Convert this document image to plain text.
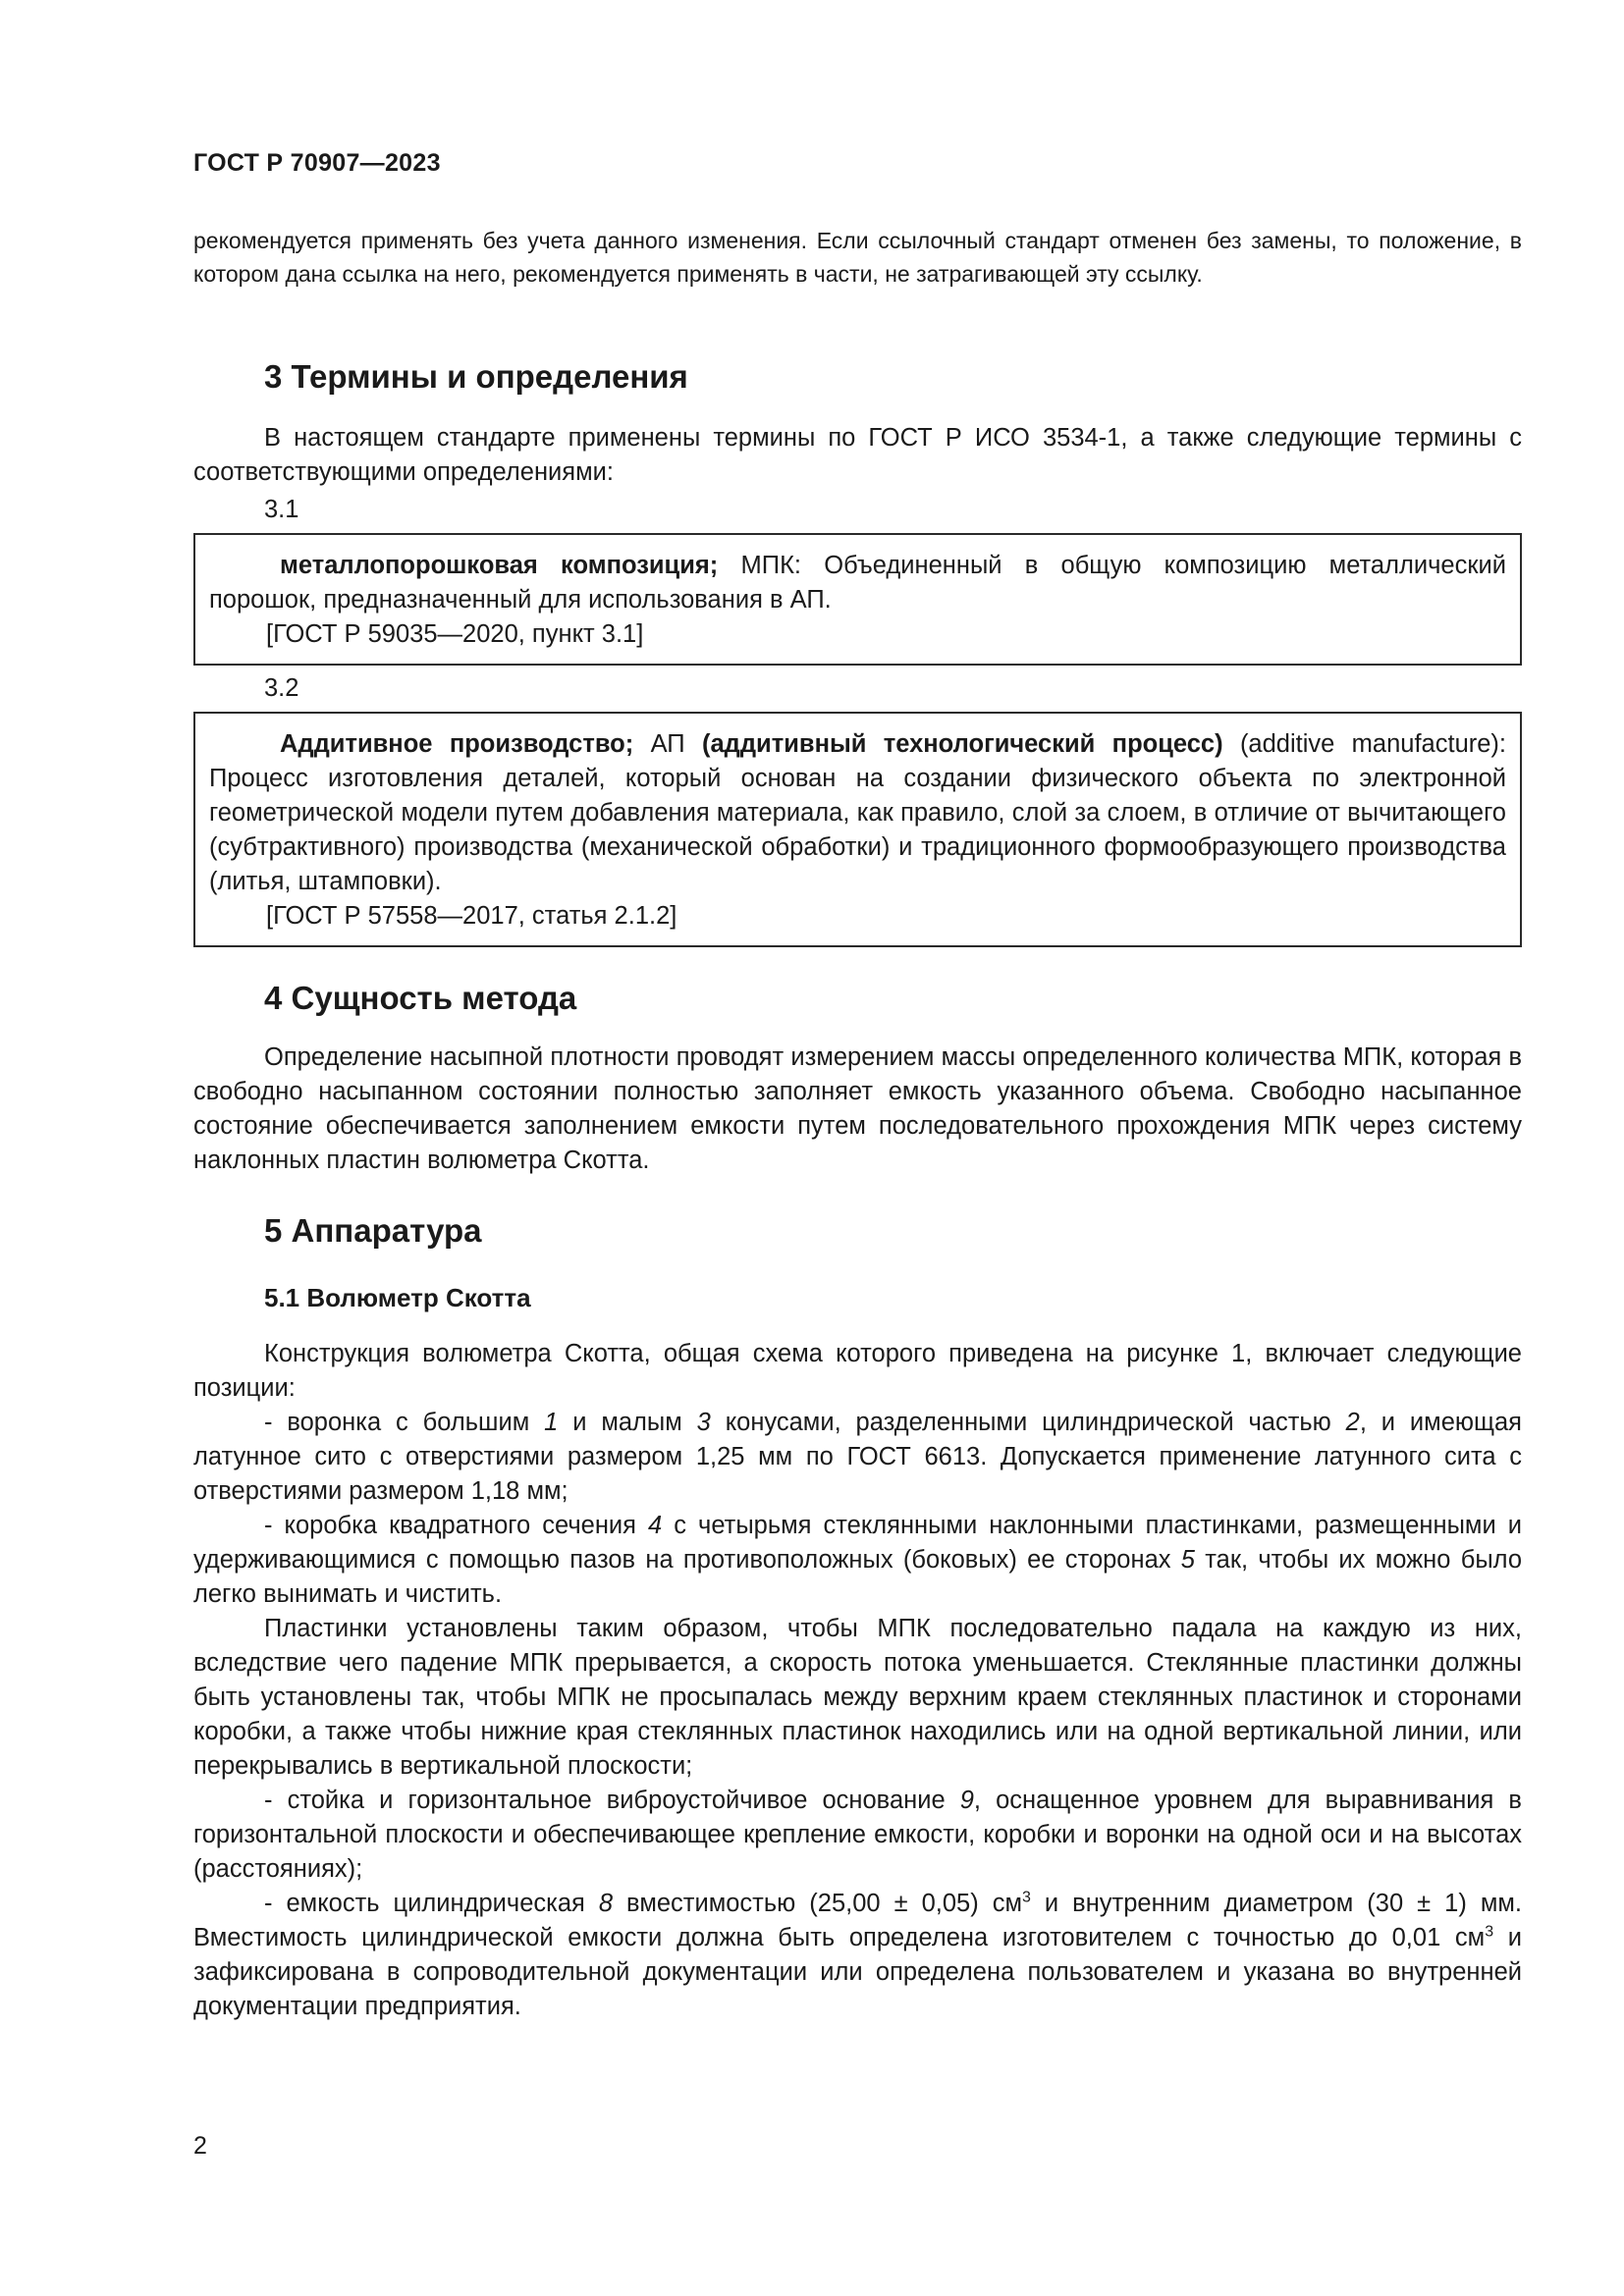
ГОСТ Р 70907—2023

рекомендуется применять без учета данного изменения. Если ссылочный стандарт отменен без замены, то положение, в котором дана ссылка на него, рекомендуется применять в части, не затрагивающей эту ссылку.

3 Термины и определения

В настоящем стандарте применены термины по ГОСТ Р ИСО 3534-1, а также следующие термины с соответствующими определениями:

3.1

металлопорошковая композиция; МПК: Объединенный в общую композицию металлический порошок, предназначенный для использования в АП.

[ГОСТ Р 59035—2020, пункт 3.1]

3.2

Аддитивное производство; АП (аддитивный технологический процесс) (additive manufacture): Процесс изготовления деталей, который основан на создании физического объекта по электронной геометрической модели путем добавления материала, как правило, слой за слоем, в отличие от вычитающего (субтрактивного) производства (механической обработки) и традиционного формообразующего производства (литья, штамповки).

[ГОСТ Р 57558—2017, статья 2.1.2]

4 Сущность метода

Определение насыпной плотности проводят измерением массы определенного количества МПК, которая в свободно насыпанном состоянии полностью заполняет емкость указанного объема. Свободно насыпанное состояние обеспечивается заполнением емкости путем последовательного прохождения МПК через систему наклонных пластин волюметра Скотта.

5 Аппаратура
5.1 Волюметр Скотта

Конструкция волюметра Скотта, общая схема которого приведена на рисунке 1, включает следующие позиции:

- воронка с большим 1 и малым 3 конусами, разделенными цилиндрической частью 2, и имеющая латунное сито с отверстиями размером 1,25 мм по ГОСТ 6613. Допускается применение латунного сита с отверстиями размером 1,18 мм;

- коробка квадратного сечения 4 с четырьмя стеклянными наклонными пластинками, размещенными и удерживающимися с помощью пазов на противоположных (боковых) ее сторонах 5 так, чтобы их можно было легко вынимать и чистить.

Пластинки установлены таким образом, чтобы МПК последовательно падала на каждую из них, вследствие чего падение МПК прерывается, а скорость потока уменьшается. Стеклянные пластинки должны быть установлены так, чтобы МПК не просыпалась между верхним краем стеклянных пластинок и сторонами коробки, а также чтобы нижние края стеклянных пластинок находились или на одной вертикальной линии, или перекрывались в вертикальной плоскости;

- стойка и горизонтальное виброустойчивое основание 9, оснащенное уровнем для выравнивания в горизонтальной плоскости и обеспечивающее крепление емкости, коробки и воронки на одной оси и на высотах (расстояниях);

- емкость цилиндрическая 8 вместимостью (25,00 ± 0,05) $см^3$ и внутренним диаметром (30 ± 1) мм. Вместимость цилиндрической емкости должна быть определена изготовителем с точностью до 0,01 $см^3$ и зафиксирована в сопроводительной документации или определена пользователем и указана во внутренней документации предприятия.

2
